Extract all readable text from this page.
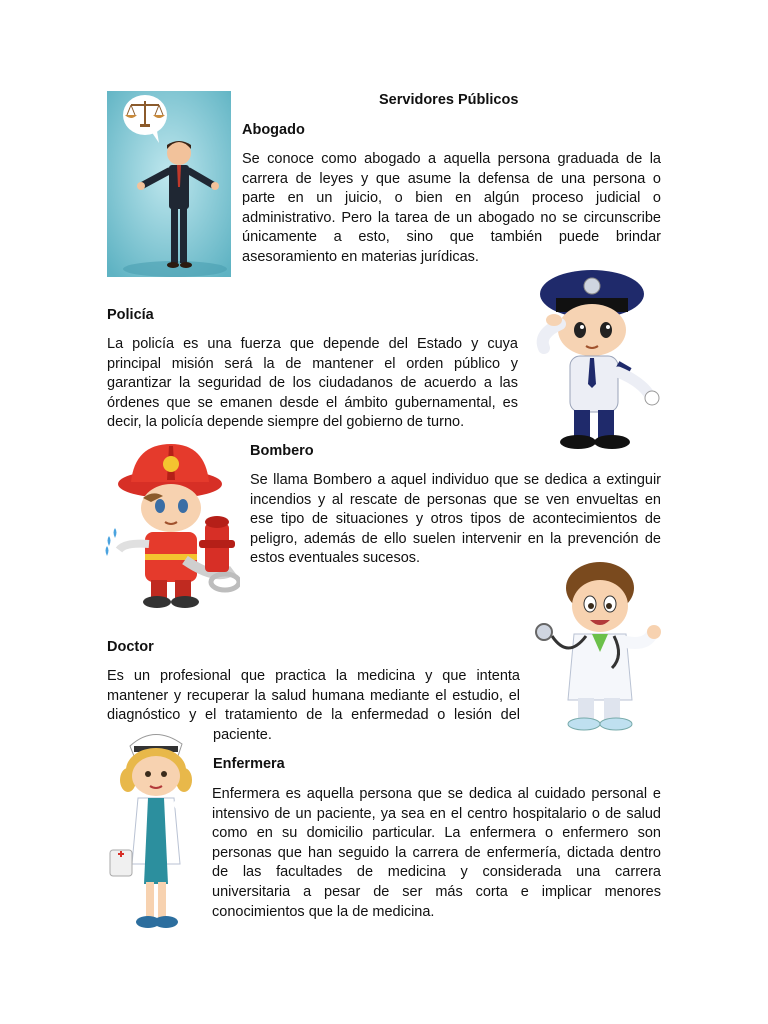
Servidores Públicos
Abogado
Se conoce como abogado a aquella persona graduada de la
carrera de leyes y que asume la defensa de una persona o
parte en un juicio, o bien en algún proceso judicial o
administrativo. Pero la tarea de un abogado no se circunscribe
únicamente a esto, sino que también puede brindar
asesoramiento en materias jurídicas.
Policía
La policía es una fuerza que depende del Estado y cuya
principal misión será la de mantener el orden público y
garantizar la seguridad de los ciudadanos de acuerdo a las
órdenes que se emanen desde el ámbito gubernamental, es
decir, la policía depende siempre del gobierno de turno.
Bombero
Se llama Bombero a aquel individuo que se dedica a extinguir
incendios y al rescate de personas que se ven envueltas en
ese tipo de situaciones y otros tipos de acontecimientos de
peligro, además de ello suelen intervenir en la prevención de
estos eventuales sucesos.
Doctor
Es un profesional que practica la medicina y que intenta
mantener y recuperar la salud humana mediante el estudio, el
diagnóstico y el tratamiento de la enfermedad o lesión del
paciente.
Enfermera
Enfermera es aquella persona que se dedica al cuidado personal e
intensivo de un paciente, ya sea en el centro hospitalario o de salud
como en su domicilio particular. La enfermera o enfermero son
personas que han seguido la carrera de enfermería, dictada dentro
de las facultades de medicina y considerada una carrera
universitaria a pesar de ser más corta e implicar menores
conocimientos que la de medicina.
